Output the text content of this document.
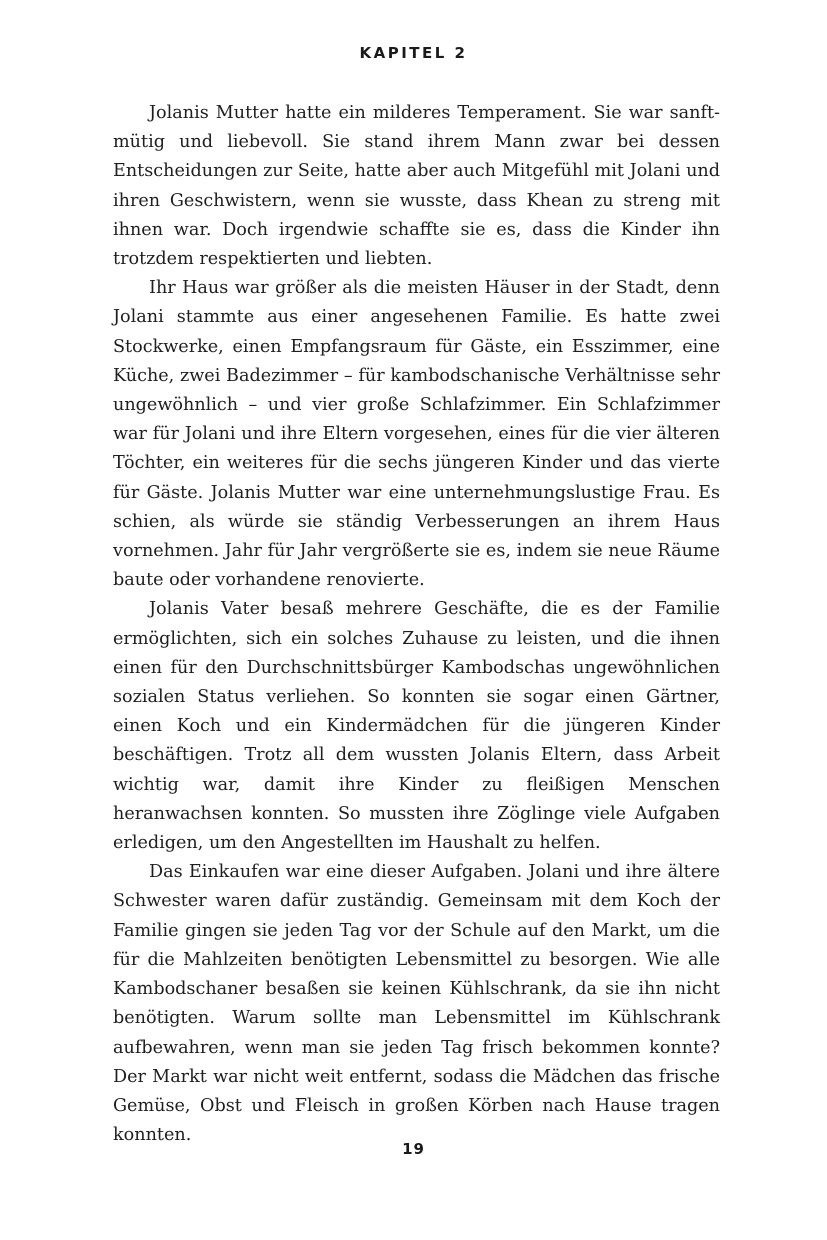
KAPITEL 2

Jolanis Mutter hatte ein milderes Temperament. Sie war sanftmütig und liebevoll. Sie stand ihrem Mann zwar bei dessen Entscheidungen zur Seite, hatte aber auch Mitgefühl mit Jolani und ihren Geschwistern, wenn sie wusste, dass Khean zu streng mit ihnen war. Doch irgendwie schaffte sie es, dass die Kinder ihn trotzdem respektierten und liebten.

Ihr Haus war größer als die meisten Häuser in der Stadt, denn Jolani stammte aus einer angesehenen Familie. Es hatte zwei Stockwerke, einen Empfangsraum für Gäste, ein Esszimmer, eine Küche, zwei Badezimmer – für kambodschanische Verhältnisse sehr ungewöhnlich – und vier große Schlafzimmer. Ein Schlafzimmer war für Jolani und ihre Eltern vorgesehen, eines für die vier älteren Töchter, ein weiteres für die sechs jüngeren Kinder und das vierte für Gäste. Jolanis Mutter war eine unternehmungslustige Frau. Es schien, als würde sie ständig Verbesserungen an ihrem Haus vornehmen. Jahr für Jahr vergrößerte sie es, indem sie neue Räume baute oder vorhandene renovierte.

Jolanis Vater besaß mehrere Geschäfte, die es der Familie ermöglichten, sich ein solches Zuhause zu leisten, und die ihnen einen für den Durchschnittsbürger Kambodschas ungewöhnlichen sozialen Status verliehen. So konnten sie sogar einen Gärtner, einen Koch und ein Kindermädchen für die jüngeren Kinder beschäftigen. Trotz all dem wussten Jolanis Eltern, dass Arbeit wichtig war, damit ihre Kinder zu fleißigen Menschen heranwachsen konnten. So mussten ihre Zöglinge viele Aufgaben erledigen, um den Angestellten im Haushalt zu helfen.

Das Einkaufen war eine dieser Aufgaben. Jolani und ihre ältere Schwester waren dafür zuständig. Gemeinsam mit dem Koch der Familie gingen sie jeden Tag vor der Schule auf den Markt, um die für die Mahlzeiten benötigten Lebensmittel zu besorgen. Wie alle Kambodschaner besaßen sie keinen Kühlschrank, da sie ihn nicht benötigten. Warum sollte man Lebensmittel im Kühlschrank aufbewahren, wenn man sie jeden Tag frisch bekommen konnte? Der Markt war nicht weit entfernt, sodass die Mädchen das frische Gemüse, Obst und Fleisch in großen Körben nach Hause tragen konnten.

19
